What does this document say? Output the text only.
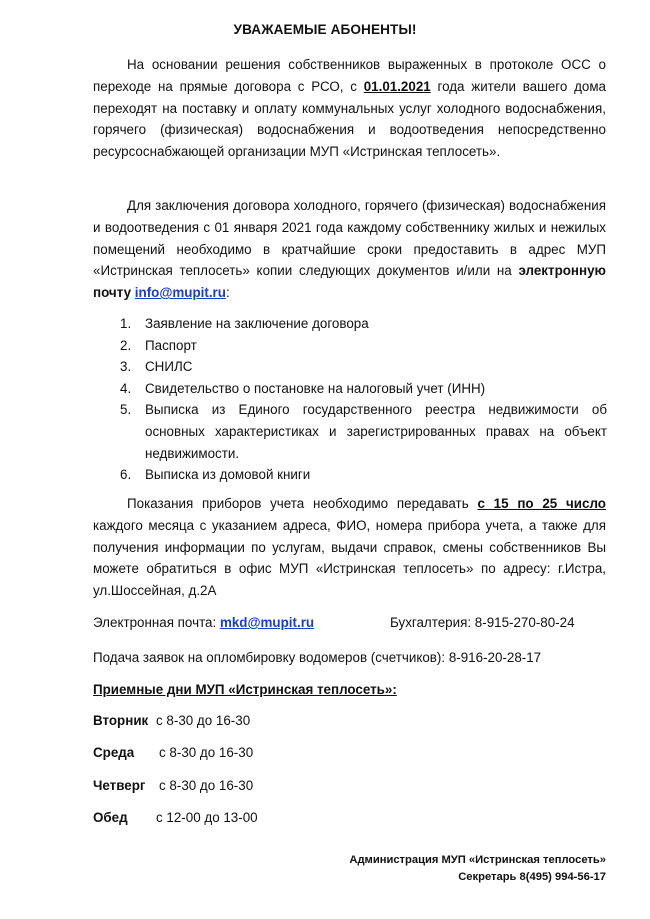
УВАЖАЕМЫЕ АБОНЕНТЫ!

На основании решения собственников выраженных в протоколе ОСС о переходе на прямые договора с РСО, с 01.01.2021 года жители вашего дома переходят на поставку и оплату коммунальных услуг холодного водоснабжения, горячего (физическая) водоснабжения и водоотведения непосредственно ресурсоснабжающей организации МУП «Истринская теплосеть».

Для заключения договора холодного, горячего (физическая) водоснабжения и водоотведения с 01 января 2021 года каждому собственнику жилых и нежилых помещений необходимо в кратчайшие сроки предоставить в адрес МУП «Истринская теплосеть» копии следующих документов и/или на электронную почту info@mupit.ru:

1. Заявление на заключение договора
2. Паспорт
3. СНИЛС
4. Свидетельство о постановке на налоговый учет (ИНН)
5. Выписка из Единого государственного реестра недвижимости об основных характеристиках и зарегистрированных правах на объект недвижимости.
6. Выписка из домовой книги

Показания приборов учета необходимо передавать с 15 по 25 число каждого месяца с указанием адреса, ФИО, номера прибора учета, а также для получения информации по услугам, выдачи справок, смены собственников Вы можете обратиться в офис МУП «Истринская теплосеть» по адресу: г.Истра, ул.Шоссейная, д.2А

Электронная почта: mkd@mupit.ru	Бухгалтерия: 8-915-270-80-24
Подача заявок на опломбировку водомеров (счетчиков): 8-916-20-28-17
Приемные дни МУП «Истринская теплосеть»:
Вторник с 8-30 до 16-30
Среда с 8-30 до 16-30
Четверг с 8-30 до 16-30
Обед с 12-00 до 13-00
Администрация МУП «Истринская теплосеть»
Секретарь 8(495) 994-56-17
